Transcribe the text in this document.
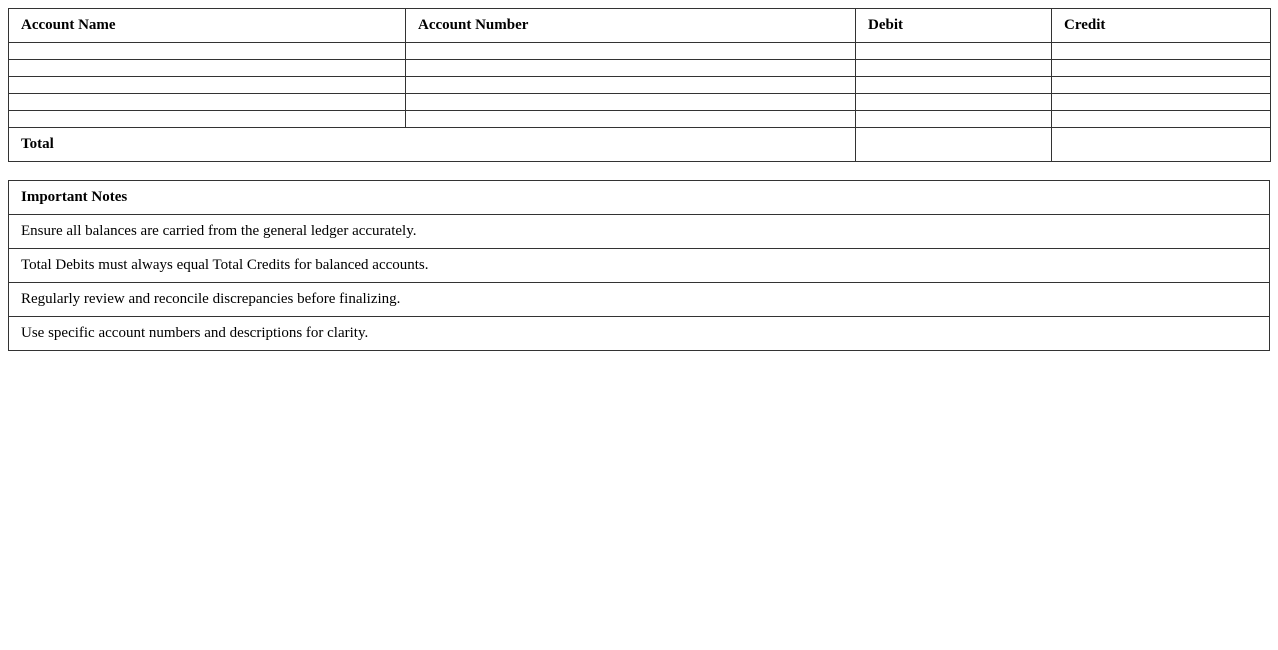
Account Name	Account Number	Debit	Credit

Total			
Important Notes
Ensure all balances are carried from the general ledger accurately.
Total Debits must always equal Total Credits for balanced accounts.
Regularly review and reconcile discrepancies before finalizing.
Use specific account numbers and descriptions for clarity.
